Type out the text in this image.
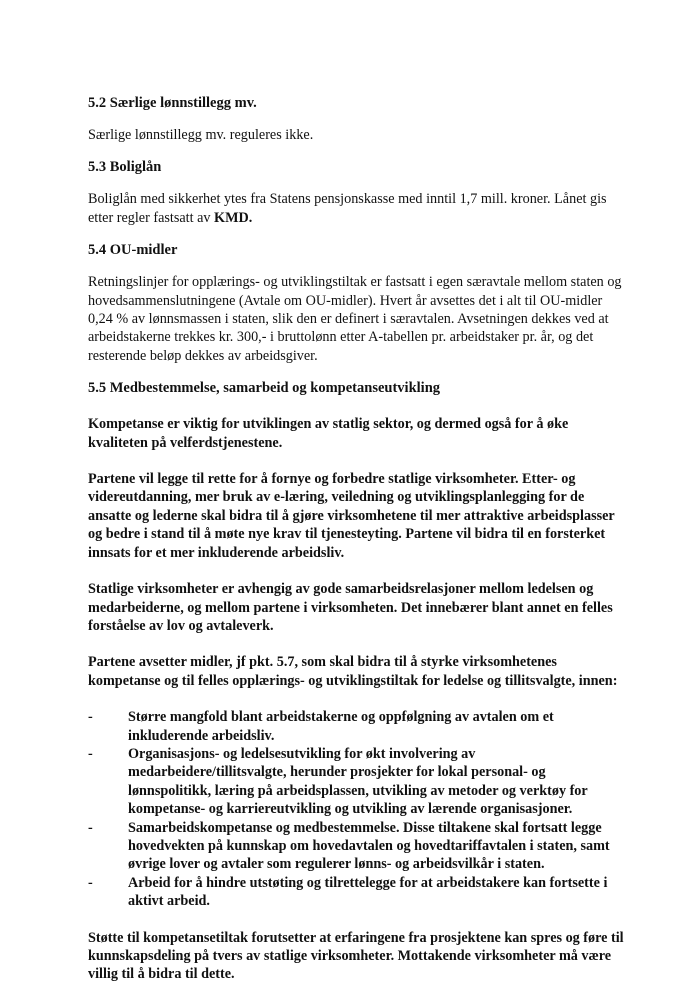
5.2 Særlige lønnstillegg mv.

Særlige lønnstillegg mv. reguleres ikke.

5.3 Boliglån

Boliglån med sikkerhet ytes fra Statens pensjonskasse med inntil 1,7 mill. kroner. Lånet gis etter regler fastsatt av KMD.

5.4 OU-midler

Retningslinjer for opplærings- og utviklingstiltak er fastsatt i egen særavtale mellom staten og hovedsammenslutningene (Avtale om OU-midler). Hvert år avsettes det i alt til OU-midler 0,24 % av lønnsmassen i staten, slik den er definert i særavtalen. Avsetningen dekkes ved at arbeidstakerne trekkes kr. 300,- i bruttolønn etter A-tabellen pr. arbeidstaker pr. år, og det resterende beløp dekkes av arbeidsgiver.

5.5 Medbestemmelse, samarbeid og kompetanseutvikling

Kompetanse er viktig for utviklingen av statlig sektor, og dermed også for å øke kvaliteten på velferdstjenestene.

Partene vil legge til rette for å fornye og forbedre statlige virksomheter. Etter- og videreutdanning, mer bruk av e-læring, veiledning og utviklingsplanlegging for de ansatte og lederne skal bidra til å gjøre virksomhetene til mer attraktive arbeidsplasser og bedre i stand til å møte nye krav til tjenesteyting. Partene vil bidra til en forsterket innsats for et mer inkluderende arbeidsliv.

Statlige virksomheter er avhengig av gode samarbeidsrelasjoner mellom ledelsen og medarbeiderne, og mellom partene i virksomheten. Det innebærer blant annet en felles forståelse av lov og avtaleverk.

Partene avsetter midler, jf pkt. 5.7, som skal bidra til å styrke virksomhetenes kompetanse og til felles opplærings- og utviklingstiltak for ledelse og tillitsvalgte, innen:

- Større mangfold blant arbeidstakerne og oppfølgning av avtalen om et inkluderende arbeidsliv.
- Organisasjons- og ledelsesutvikling for økt involvering av medarbeidere/tillitsvalgte, herunder prosjekter for lokal personal- og lønnspolitikk, læring på arbeidsplassen, utvikling av metoder og verktøy for kompetanse- og karriereutvikling og utvikling av lærende organisasjoner.
- Samarbeidskompetanse og medbestemmelse. Disse tiltakene skal fortsatt legge hovedvekten på kunnskap om hovedavtalen og hovedtariffavtalen i staten, samt øvrige lover og avtaler som regulerer lønns- og arbeidsvilkår i staten.
- Arbeid for å hindre utstøting og tilrettelegge for at arbeidstakere kan fortsette i aktivt arbeid.

Støtte til kompetansetiltak forutsetter at erfaringene fra prosjektene kan spres og føre til kunnskapsdeling på tvers av statlige virksomheter. Mottakende virksomheter må være villig til å bidra til dette.
